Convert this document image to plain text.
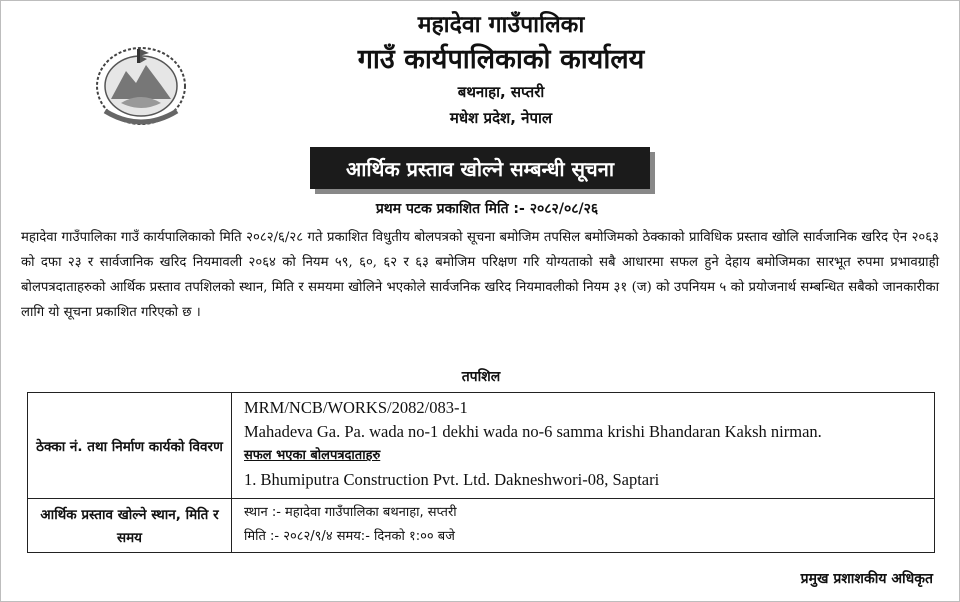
महादेवा गाउँपालिका
गाउँ कार्यपालिकाको कार्यालय
बथनाहा, सप्तरी
मधेश प्रदेश, नेपाल
आर्थिक प्रस्ताव खोल्ने सम्बन्धी सूचना
प्रथम पटक प्रकाशित मिति :- २०८२/०८/२६
महादेवा गाउँपालिका गाउँ कार्यपालिकाको मिति २०८२/६/२८ गते प्रकाशित विधुतीय बोलपत्रको सूचना बमोजिम तपसिल बमोजिमको ठेक्काको प्राविधिक प्रस्ताव खोलि सार्वजानिक खरिद ऐन २०६३ को दफा २३ र सार्वजानिक खरिद नियमावली २०६४ को नियम ५९, ६०, ६२ र ६३ बमोजिम परिक्षण गरि योग्यताको सबै आधारमा सफल हुने देहाय बमोजिमका सारभूत रुपमा प्रभावग्राही बोलपत्रदाताहरुको आर्थिक प्रस्ताव तपशिलको स्थान, मिति र समयमा खोलिने भएकोले सार्वजनिक खरिद नियमावलीको नियम ३१ (ज) को उपनियम ५ को प्रयोजनार्थ सम्बन्धित सबैको जानकारीका लागि यो सूचना प्रकाशित गरिएको छ ।
तपशिल
ठेक्का नं. तथा निर्माण कार्यको विवरण	MRM/NCB/WORKS/2082/083-1
Mahadeva Ga. Pa. wada no-1 dekhi wada no-6 samma krishi Bhandaran Kaksh nirman.
सफल भएका बोलपत्रदाताहरु
1. Bhumiputra Construction Pvt. Ltd. Dakneshwori-08, Saptari

आर्थिक प्रस्ताव खोल्ने स्थान, मिति र समय	स्थान :- महादेवा गाउँपालिका बथनाहा, सप्तरी
मिति :- २०८२/९/४ समय:- दिनको १:०० बजे
प्रमुख प्रशाशकीय अधिकृत
